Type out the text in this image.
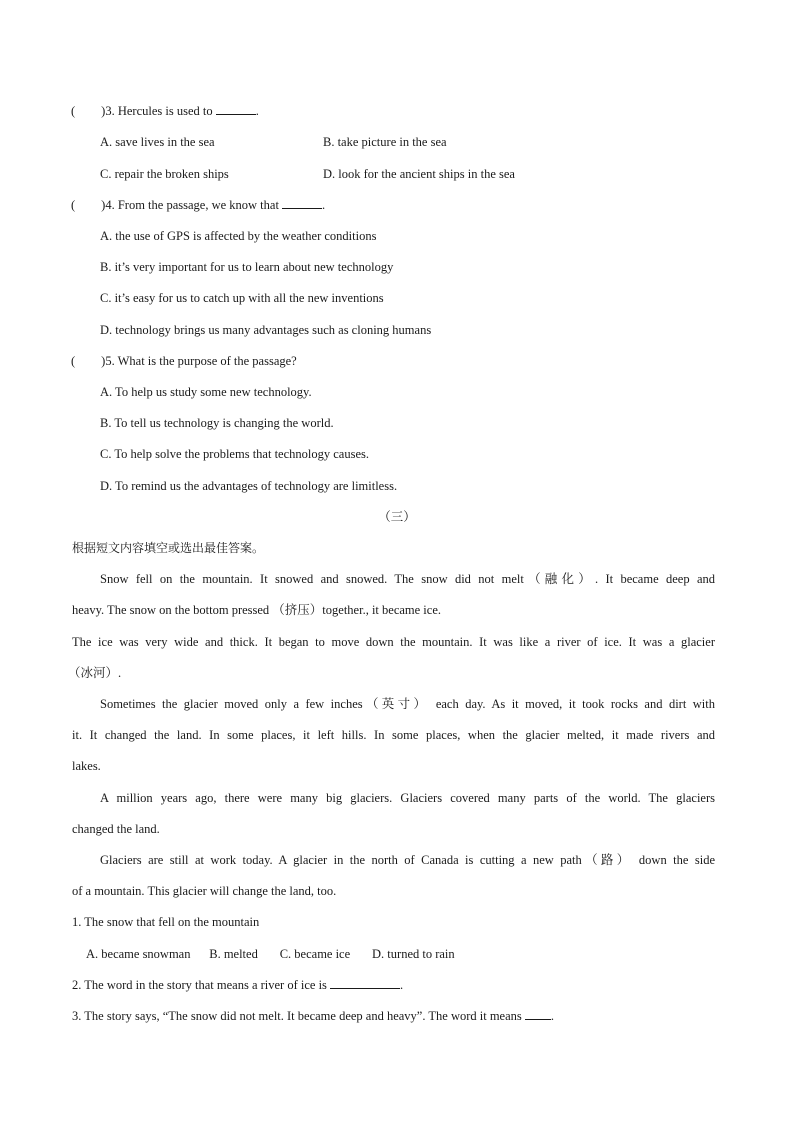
( )3. Hercules is used to	.
A. save lives in the sea	B. take picture in the sea
C. repair the broken ships	D. look for the ancient ships in the sea
( )4. From the passage, we know that	.
A. the use of GPS is affected by the weather conditions
B. it’s very important for us to learn about new technology
C. it’s easy for us to catch up with all the new inventions
D. technology brings us many advantages such as cloning humans
( )5. What is the purpose of the passage?
A. To help us study some new technology.
B. To tell us technology is changing the world.
C. To help solve the problems that technology causes.
D. To remind us the advantages of technology are limitless.
（三）
根据短文内容填空或选出最佳答案。
Snow fell on the mountain. It snowed and snowed. The snow did not melt（融化）. It became deep and
heavy. The snow on the bottom pressed （挤压）together., it became ice.
The ice was very wide and thick. It began to move down the mountain. It was like a river of ice. It was a glacier
（冰河）.
Sometimes the glacier moved only a few inches（英寸） each day. As it moved, it took rocks and dirt with
it. It changed the land. In some places, it left hills. In some places, when the glacier melted, it made rivers and
lakes.
A million years ago, there were many big glaciers. Glaciers covered many parts of the world. The glaciers
changed the land.
Glaciers are still at work today. A glacier in the north of Canada is cutting a new path（路） down the side
of a mountain. This glacier will change the land, too.
1. The snow that fell on the mountain
A. became snowman      B. melted       C. became ice       D. turned to rain
2. The word in the story that means a river of ice is	.
3. The story says, “The snow did not melt. It became deep and heavy”. The word it means .
